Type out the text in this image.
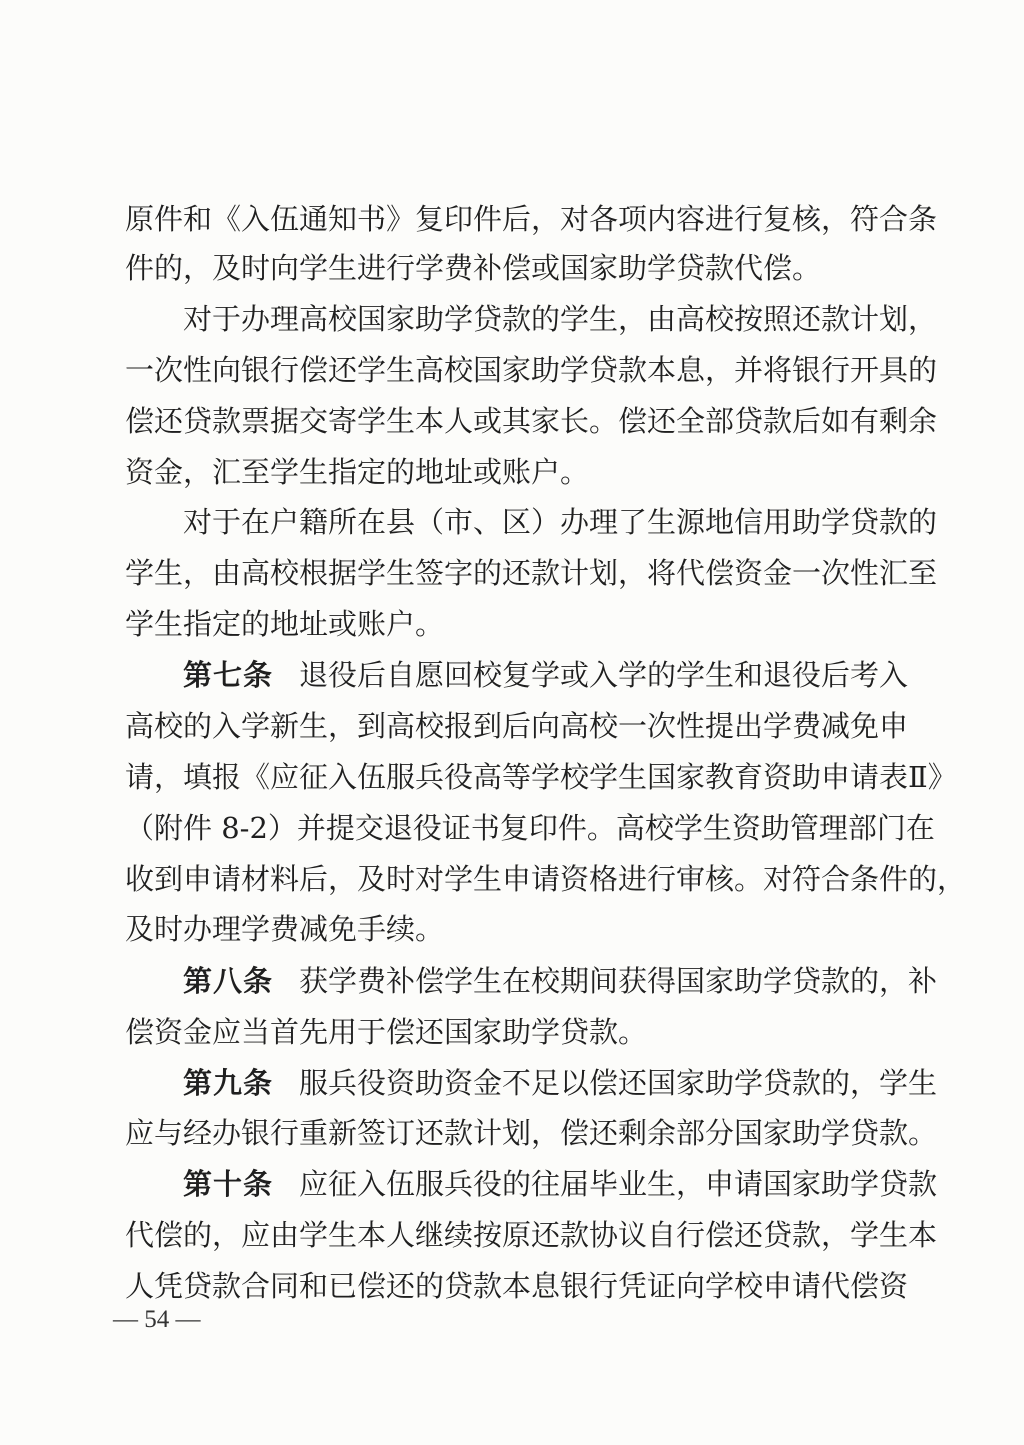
原件和《入伍通知书》复印件后，对各项内容进行复核，符合条
件的，及时向学生进行学费补偿或国家助学贷款代偿。
对于办理高校国家助学贷款的学生，由高校按照还款计划，
一次性向银行偿还学生高校国家助学贷款本息，并将银行开具的
偿还贷款票据交寄学生本人或其家长。偿还全部贷款后如有剩余
资金，汇至学生指定的地址或账户。
对于在户籍所在县（市、区）办理了生源地信用助学贷款的
学生，由高校根据学生签字的还款计划，将代偿资金一次性汇至
学生指定的地址或账户。
第七条 退役后自愿回校复学或入学的学生和退役后考入
高校的入学新生，到高校报到后向高校一次性提出学费减免申
请，填报《应征入伍服兵役高等学校学生国家教育资助申请表Ⅱ》
（附件 8-2）并提交退役证书复印件。高校学生资助管理部门在
收到申请材料后，及时对学生申请资格进行审核。对符合条件的，
及时办理学费减免手续。
第八条 获学费补偿学生在校期间获得国家助学贷款的，补
偿资金应当首先用于偿还国家助学贷款。
第九条 服兵役资助资金不足以偿还国家助学贷款的，学生
应与经办银行重新签订还款计划，偿还剩余部分国家助学贷款。
第十条 应征入伍服兵役的往届毕业生，申请国家助学贷款
代偿的，应由学生本人继续按原还款协议自行偿还贷款，学生本
人凭贷款合同和已偿还的贷款本息银行凭证向学校申请代偿资
— 54 —
